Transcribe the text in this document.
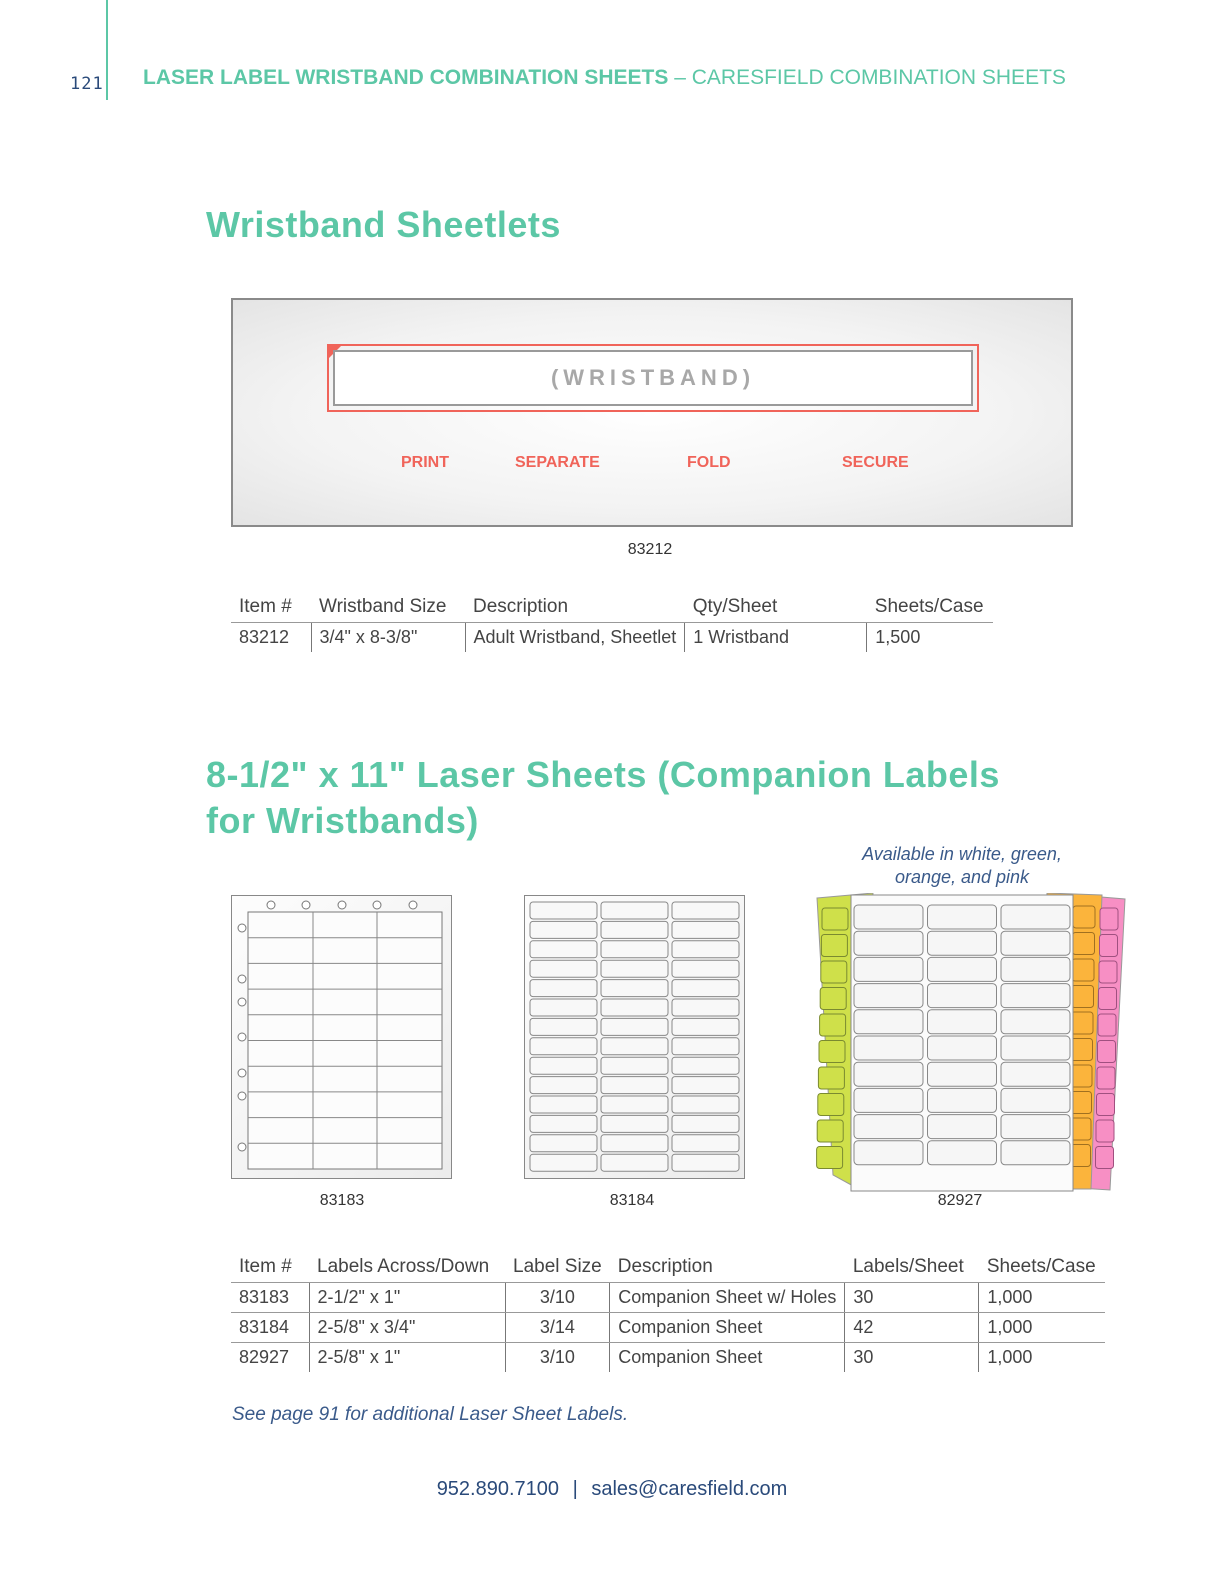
121 LASER LABEL WRISTBAND COMBINATION SHEETS – CARESFIELD COMBINATION SHEETS
Wristband Sheetlets
(WRISTBAND)
PRINT	SEPARATE	FOLD	SECURE
83212
Item #	Wristband Size	Description	Qty/Sheet	Sheets/Case
83212	3/4" x 8-3/8"	Adult Wristband, Sheetlet	1 Wristband	1,500
8-1/2" x 11" Laser Sheets (Companion Labels
for Wristbands)
Available in white, green, orange, and pink
83183	83184	82927
Item #	Labels Across/Down	Label Size	Description	Labels/Sheet	Sheets/Case
83183	2-1/2" x 1"	3/10	Companion Sheet w/ Holes	30	1,000
83184	2-5/8" x 3/4"	3/14	Companion Sheet	42	1,000
82927	2-5/8" x 1"	3/10	Companion Sheet	30	1,000
See page 91 for additional Laser Sheet Labels.
952.890.7100 | sales@caresfield.com
